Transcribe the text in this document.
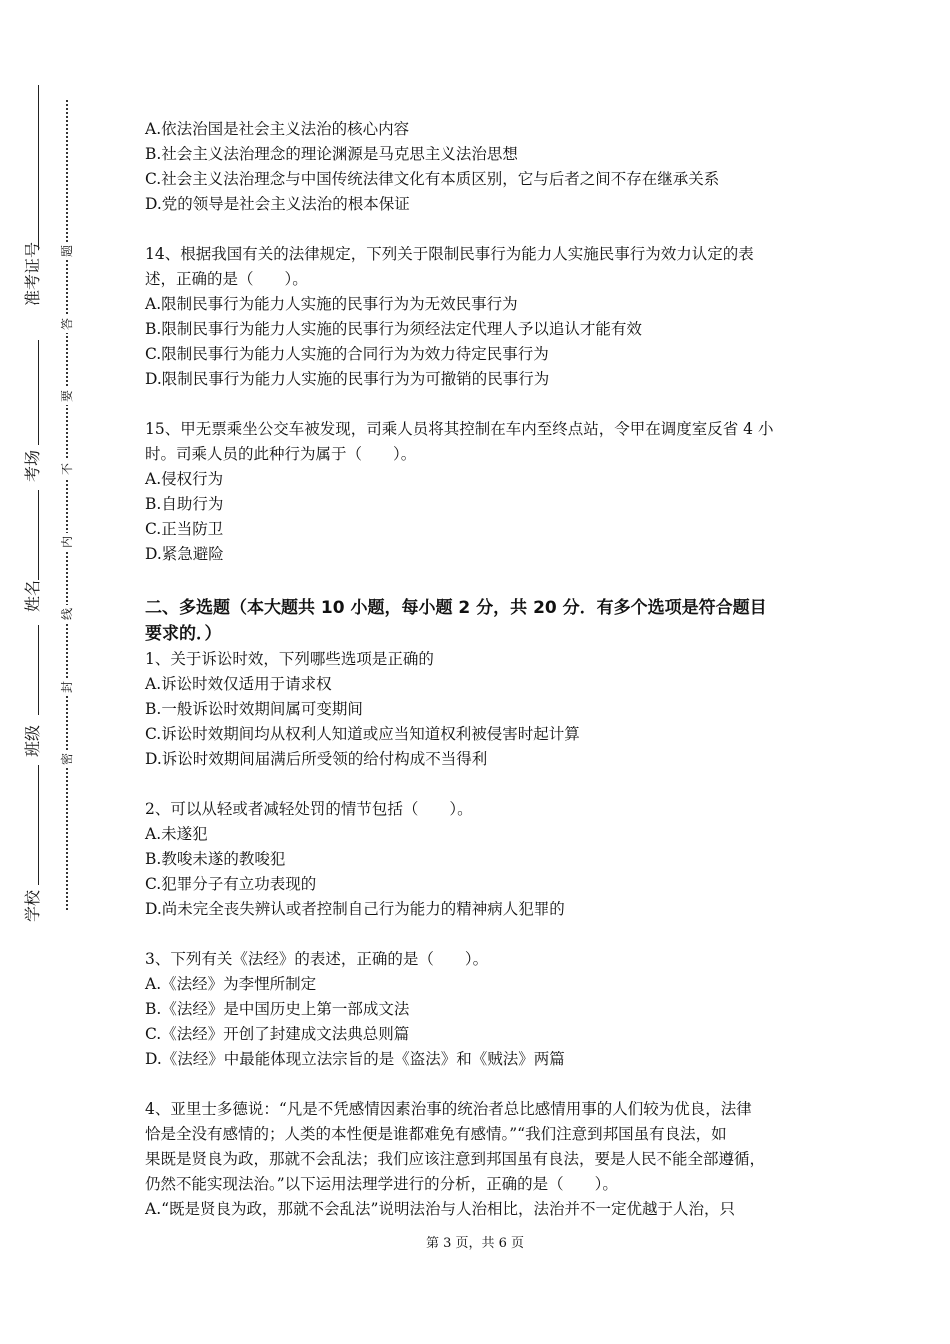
准考证号
考场
姓名
班级
学校
题
答
要
不
内
线
封
密
A.依法治国是社会主义法治的核心内容
B.社会主义法治理念的理论渊源是马克思主义法治思想
C.社会主义法治理念与中国传统法律文化有本质区别，它与后者之间不存在继承关系
D.党的领导是社会主义法治的根本保证
14、根据我国有关的法律规定，下列关于限制民事行为能力人实施民事行为效力认定的表
述，正确的是（　　）。
A.限制民事行为能力人实施的民事行为为无效民事行为
B.限制民事行为能力人实施的民事行为须经法定代理人予以追认才能有效
C.限制民事行为能力人实施的合同行为为效力待定民事行为
D.限制民事行为能力人实施的民事行为为可撤销的民事行为
15、甲无票乘坐公交车被发现，司乘人员将其控制在车内至终点站，令甲在调度室反省 4 小
时。司乘人员的此种行为属于（　　）。
A.侵权行为
B.自助行为
C.正当防卫
D.紧急避险
二、多选题（本大题共 10 小题，每小题 2 分，共 20 分．有多个选项是符合题目
要求的．）
1、关于诉讼时效，下列哪些选项是正确的
A.诉讼时效仅适用于请求权
B.一般诉讼时效期间属可变期间
C.诉讼时效期间均从权利人知道或应当知道权利被侵害时起计算
D.诉讼时效期间届满后所受领的给付构成不当得利
2、可以从轻或者减轻处罚的情节包括（　　）。
A.未遂犯
B.教唆未遂的教唆犯
C.犯罪分子有立功表现的
D.尚未完全丧失辨认或者控制自己行为能力的精神病人犯罪的
3、下列有关《法经》的表述，正确的是（　　）。
A.《法经》为李悝所制定
B.《法经》是中国历史上第一部成文法
C.《法经》开创了封建成文法典总则篇
D.《法经》中最能体现立法宗旨的是《盗法》和《贼法》两篇
4、亚里士多德说：“凡是不凭感情因素治事的统治者总比感情用事的人们较为优良，法律
恰是全没有感情的；人类的本性便是谁都难免有感情。”“我们注意到邦国虽有良法，如
果既是贤良为政，那就不会乱法；我们应该注意到邦国虽有良法，要是人民不能全部遵循，
仍然不能实现法治。”以下运用法理学进行的分析，正确的是（　　）。
A.“既是贤良为政，那就不会乱法”说明法治与人治相比，法治并不一定优越于人治，只
第 3 页，共 6 页
